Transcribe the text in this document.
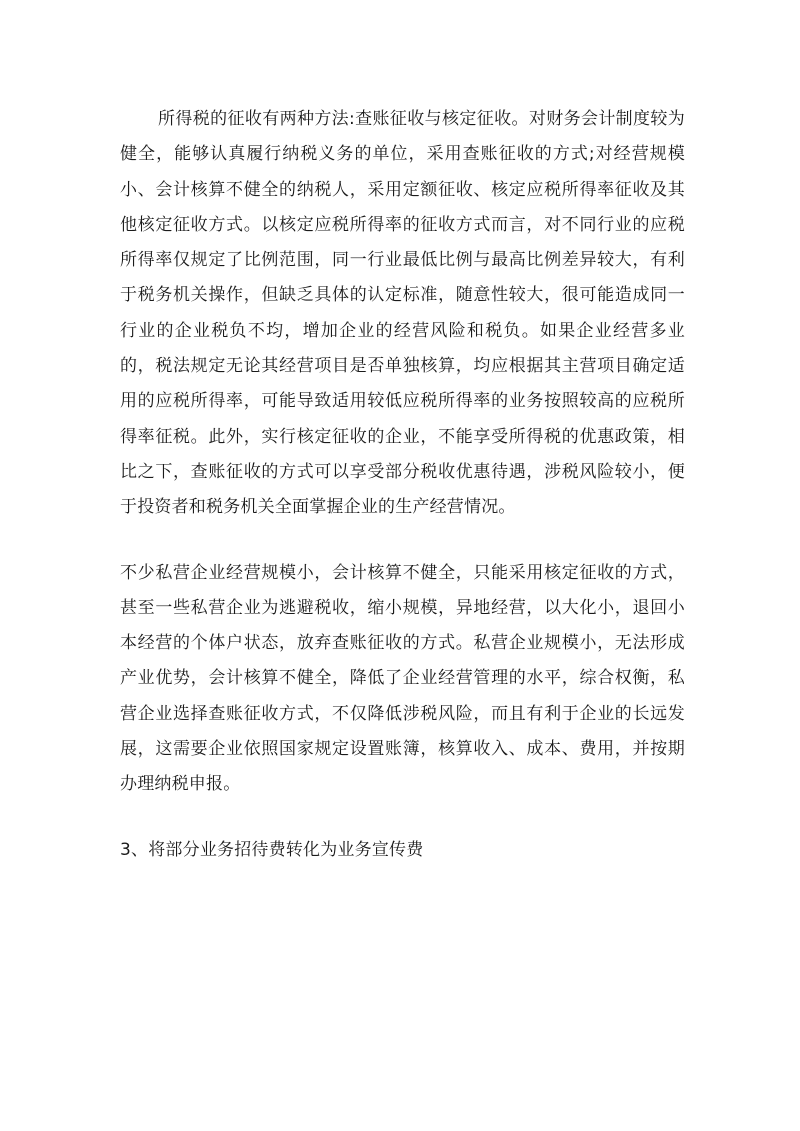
所得税的征收有两种方法:查账征收与核定征收。对财务会计制度较为健全，能够认真履行纳税义务的单位，采用查账征收的方式;对经营规模小、会计核算不健全的纳税人，采用定额征收、核定应税所得率征收及其他核定征收方式。以核定应税所得率的征收方式而言，对不同行业的应税所得率仅规定了比例范围，同一行业最低比例与最高比例差异较大，有利于税务机关操作，但缺乏具体的认定标准，随意性较大，很可能造成同一行业的企业税负不均，增加企业的经营风险和税负。如果企业经营多业的，税法规定无论其经营项目是否单独核算，均应根据其主营项目确定适用的应税所得率，可能导致适用较低应税所得率的业务按照较高的应税所得率征税。此外，实行核定征收的企业，不能享受所得税的优惠政策，相比之下，查账征收的方式可以享受部分税收优惠待遇，涉税风险较小，便于投资者和税务机关全面掌握企业的生产经营情况。

不少私营企业经营规模小，会计核算不健全，只能采用核定征收的方式，甚至一些私营企业为逃避税收，缩小规模，异地经营，以大化小，退回小本经营的个体户状态，放弃查账征收的方式。私营企业规模小，无法形成产业优势，会计核算不健全，降低了企业经营管理的水平，综合权衡，私营企业选择查账征收方式，不仅降低涉税风险，而且有利于企业的长远发展，这需要企业依照国家规定设置账簿，核算收入、成本、费用，并按期办理纳税申报。

3、将部分业务招待费转化为业务宣传费
